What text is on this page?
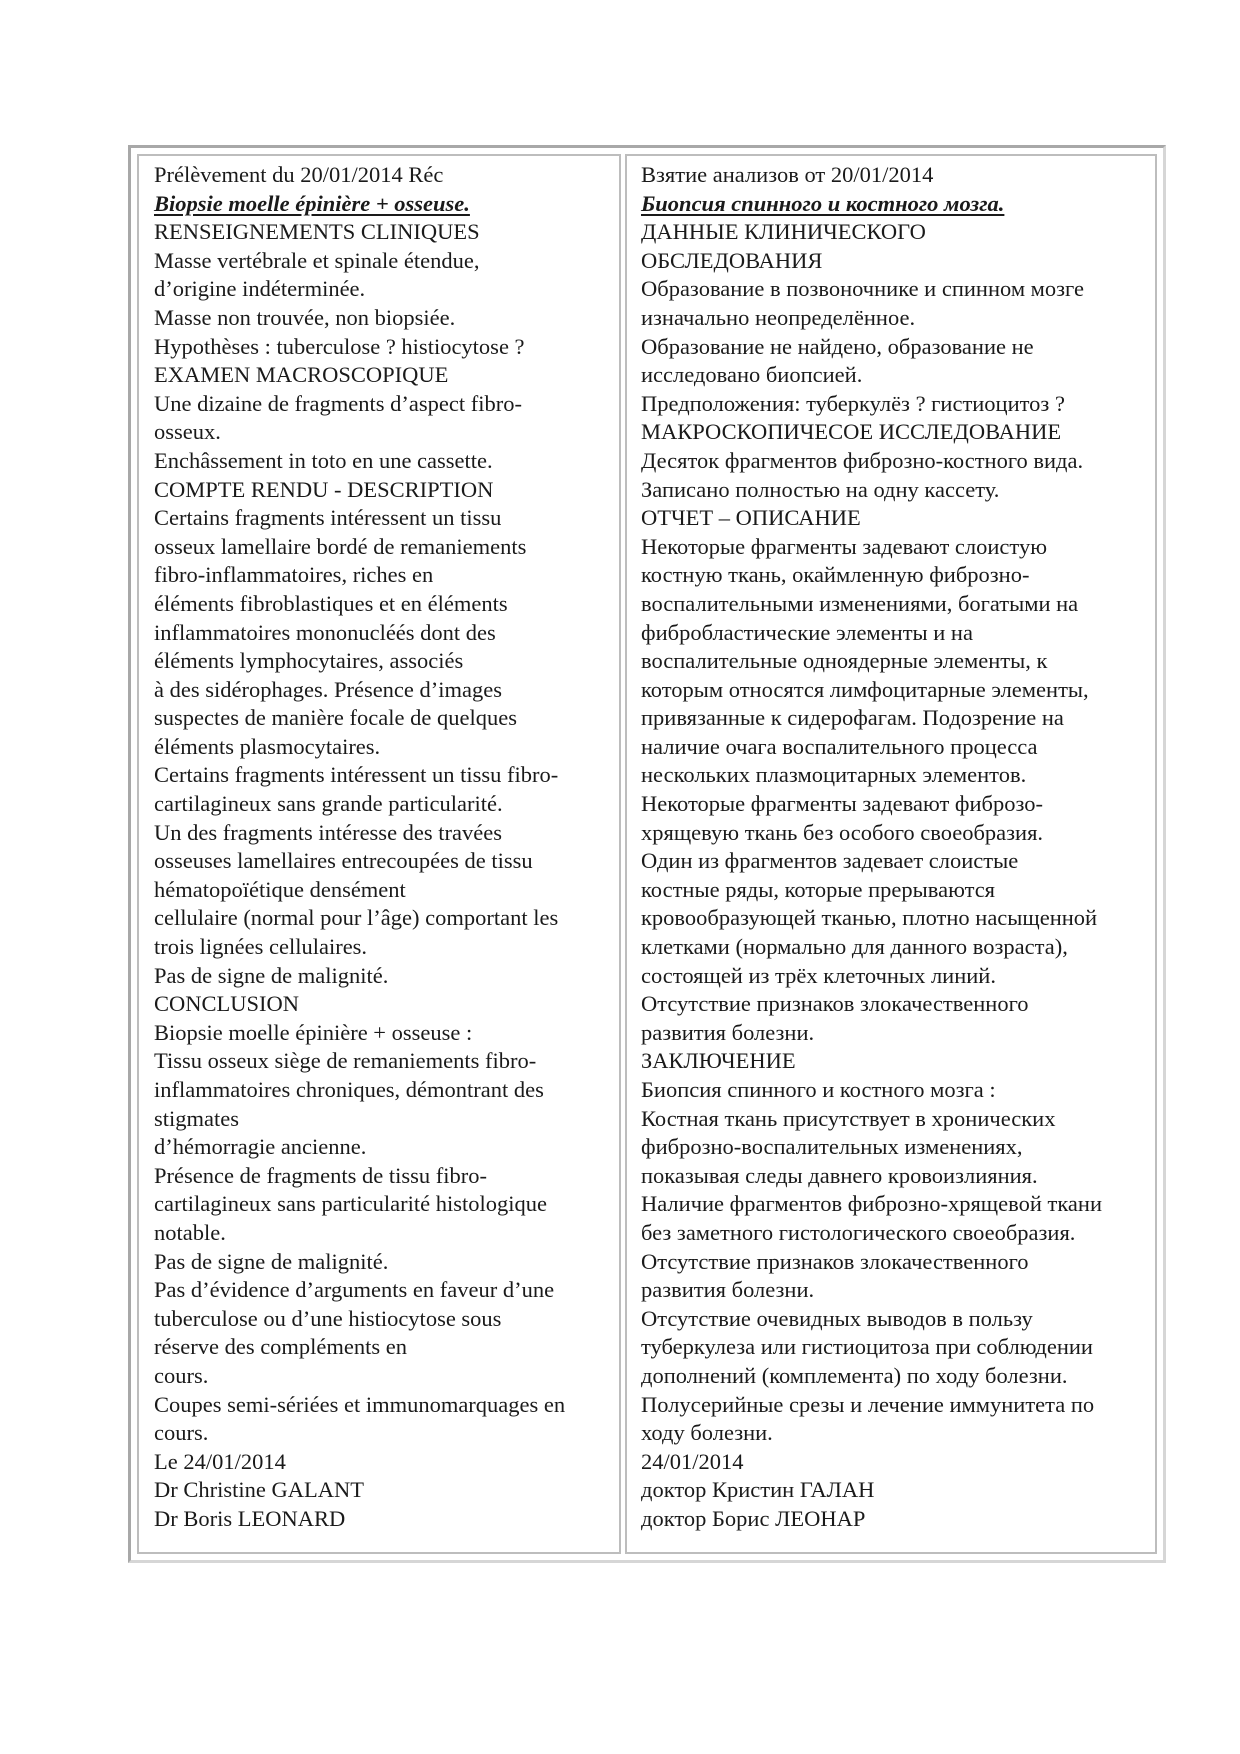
Prélèvement du 20/01/2014 Réc
Biopsie moelle épinière + osseuse.
RENSEIGNEMENTS CLINIQUES
Masse vertébrale et spinale étendue,
d’origine indéterminée.
Masse non trouvée, non biopsiée.
Hypothèses : tuberculose ? histiocytose ?
EXAMEN MACROSCOPIQUE
Une dizaine de fragments d’aspect fibro-
osseux.
Enchâssement in toto en une cassette.
COMPTE RENDU - DESCRIPTION
Certains fragments intéressent un tissu
osseux lamellaire bordé de remaniements
fibro-inflammatoires, riches en
éléments fibroblastiques et en éléments
inflammatoires mononucléés dont des
éléments lymphocytaires, associés
à des sidérophages. Présence d’images
suspectes de manière focale de quelques
éléments plasmocytaires.
Certains fragments intéressent un tissu fibro-
cartilagineux sans grande particularité.
Un des fragments intéresse des travées
osseuses lamellaires entrecoupées de tissu
hématopoïétique densément
cellulaire (normal pour l’âge) comportant les
trois lignées cellulaires.
Pas de signe de malignité.
CONCLUSION
Biopsie moelle épinière + osseuse :
Tissu osseux siège de remaniements fibro-
inflammatoires chroniques, démontrant des
stigmates
d’hémorragie ancienne.
Présence de fragments de tissu fibro-
cartilagineux sans particularité histologique
notable.
Pas de signe de malignité.
Pas d’évidence d’arguments en faveur d’une
tuberculose ou d’une histiocytose sous
réserve des compléments en
cours.
Coupes semi-sériées et immunomarquages en
cours.
Le 24/01/2014
Dr Christine GALANT
Dr Boris LEONARD
Взятие анализов от 20/01/2014
Биопсия спинного и костного мозга.
ДАННЫЕ КЛИНИЧЕСКОГО
ОБСЛЕДОВАНИЯ
Образование в позвоночнике и спинном мозге
изначально неопределённое.
Образование не найдено, образование не
исследовано биопсией.
Предположения: туберкулёз ? гистиоцитоз ?
МАКРОСКОПИЧЕСОЕ ИССЛЕДОВАНИЕ
Десяток фрагментов фиброзно-костного вида.
Записано полностью на одну кассету.
ОТЧЕТ – ОПИСАНИЕ
Некоторые фрагменты задевают слоистую
костную ткань, окаймленную фиброзно-
воспалительными изменениями, богатыми на
фибробластические элементы и на
воспалительные одноядерные элементы, к
которым относятся лимфоцитарные элементы,
привязанные к сидерофагам. Подозрение на
наличие очага воспалительного процесса
нескольких плазмоцитарных элементов.
Некоторые фрагменты задевают фиброзо-
хрящевую ткань без особого своеобразия.
Один из фрагментов задевает слоистые
костные ряды, которые прерываются
кровообразующей тканью, плотно насыщенной
клетками (нормально для данного возраста),
состоящей из трёх клеточных линий.
Отсутствие признаков злокачественного
развития болезни.
ЗАКЛЮЧЕНИЕ
Биопсия спинного и костного мозга :
Костная ткань присутствует в хронических
фиброзно-воспалительных изменениях,
показывая следы давнего кровоизлияния.
Наличие фрагментов фиброзно-хрящевой ткани
без заметного гистологического своеобразия.
Отсутствие признаков злокачественного
развития болезни.
Отсутствие очевидных выводов в пользу
туберкулеза или гистиоцитоза при соблюдении
дополнений (комплемента) по ходу болезни.
Полусерийные срезы и лечение иммунитета по
ходу болезни.
24/01/2014
доктор Кристин ГАЛАН
доктор Борис ЛЕОНАР
